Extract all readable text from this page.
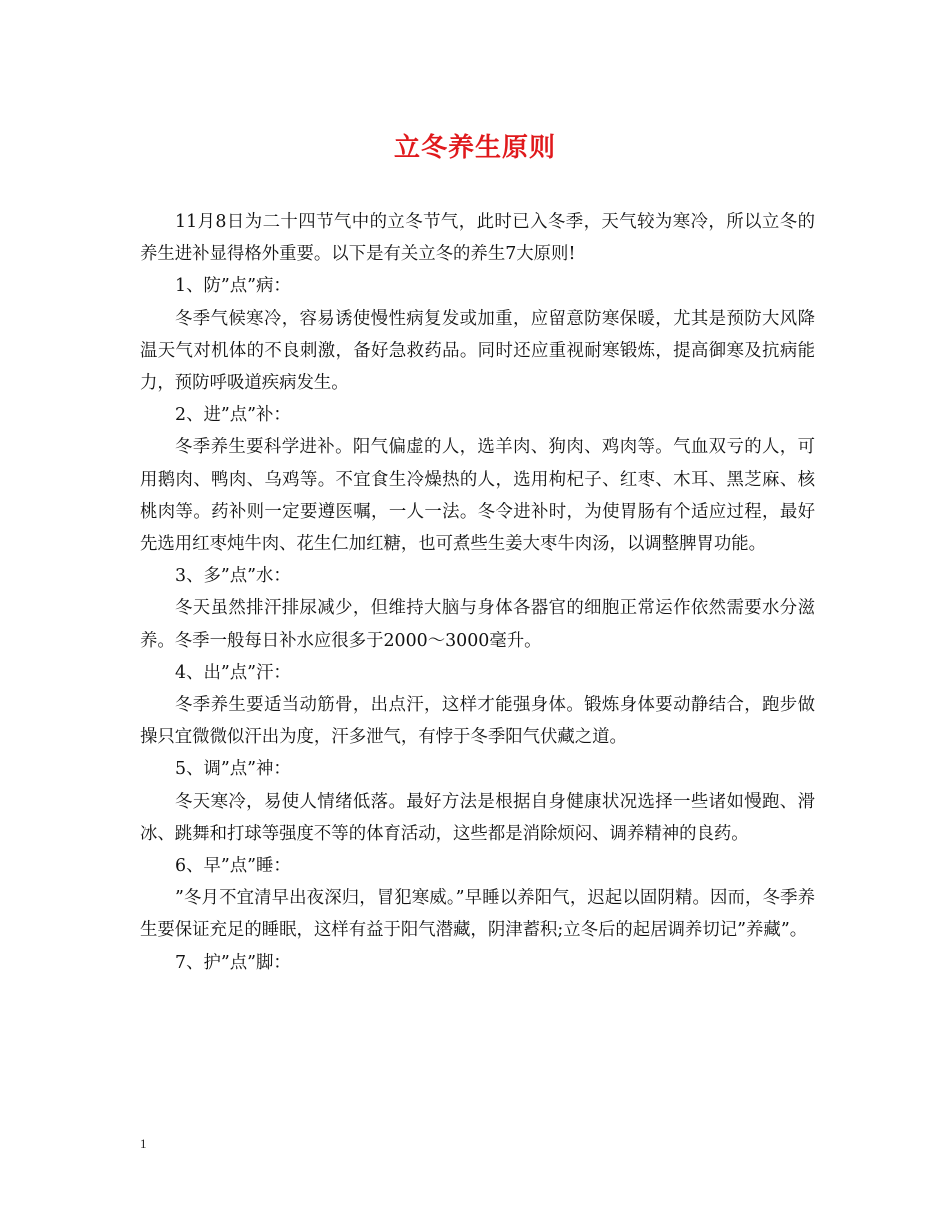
立冬养生原则

11月8日为二十四节气中的立冬节气，此时已入冬季，天气较为寒冷，所以立冬的养生进补显得格外重要。以下是有关立冬的养生7大原则!

1、防”点”病：

冬季气候寒冷，容易诱使慢性病复发或加重，应留意防寒保暖，尤其是预防大风降温天气对机体的不良刺激，备好急救药品。同时还应重视耐寒锻炼，提高御寒及抗病能力，预防呼吸道疾病发生。

2、进”点”补：

冬季养生要科学进补。阳气偏虚的人，选羊肉、狗肉、鸡肉等。气血双亏的人，可用鹅肉、鸭肉、乌鸡等。不宜食生冷燥热的人，选用枸杞子、红枣、木耳、黑芝麻、核桃肉等。药补则一定要遵医嘱，一人一法。冬令进补时，为使胃肠有个适应过程，最好先选用红枣炖牛肉、花生仁加红糖，也可煮些生姜大枣牛肉汤，以调整脾胃功能。

3、多”点”水：

冬天虽然排汗排尿减少，但维持大脑与身体各器官的细胞正常运作依然需要水分滋养。冬季一般每日补水应很多于2000～3000毫升。

4、出”点”汗：

冬季养生要适当动筋骨，出点汗，这样才能强身体。锻炼身体要动静结合，跑步做操只宜微微似汗出为度，汗多泄气，有悖于冬季阳气伏藏之道。

5、调”点”神：

冬天寒冷，易使人情绪低落。最好方法是根据自身健康状况选择一些诸如慢跑、滑冰、跳舞和打球等强度不等的体育活动，这些都是消除烦闷、调养精神的良药。

6、早”点”睡：

”冬月不宜清早出夜深归，冒犯寒威。”早睡以养阳气，迟起以固阴精。因而，冬季养生要保证充足的睡眠，这样有益于阳气潜藏，阴津蓄积;立冬后的起居调养切记”养藏”。

7、护”点”脚：

1
